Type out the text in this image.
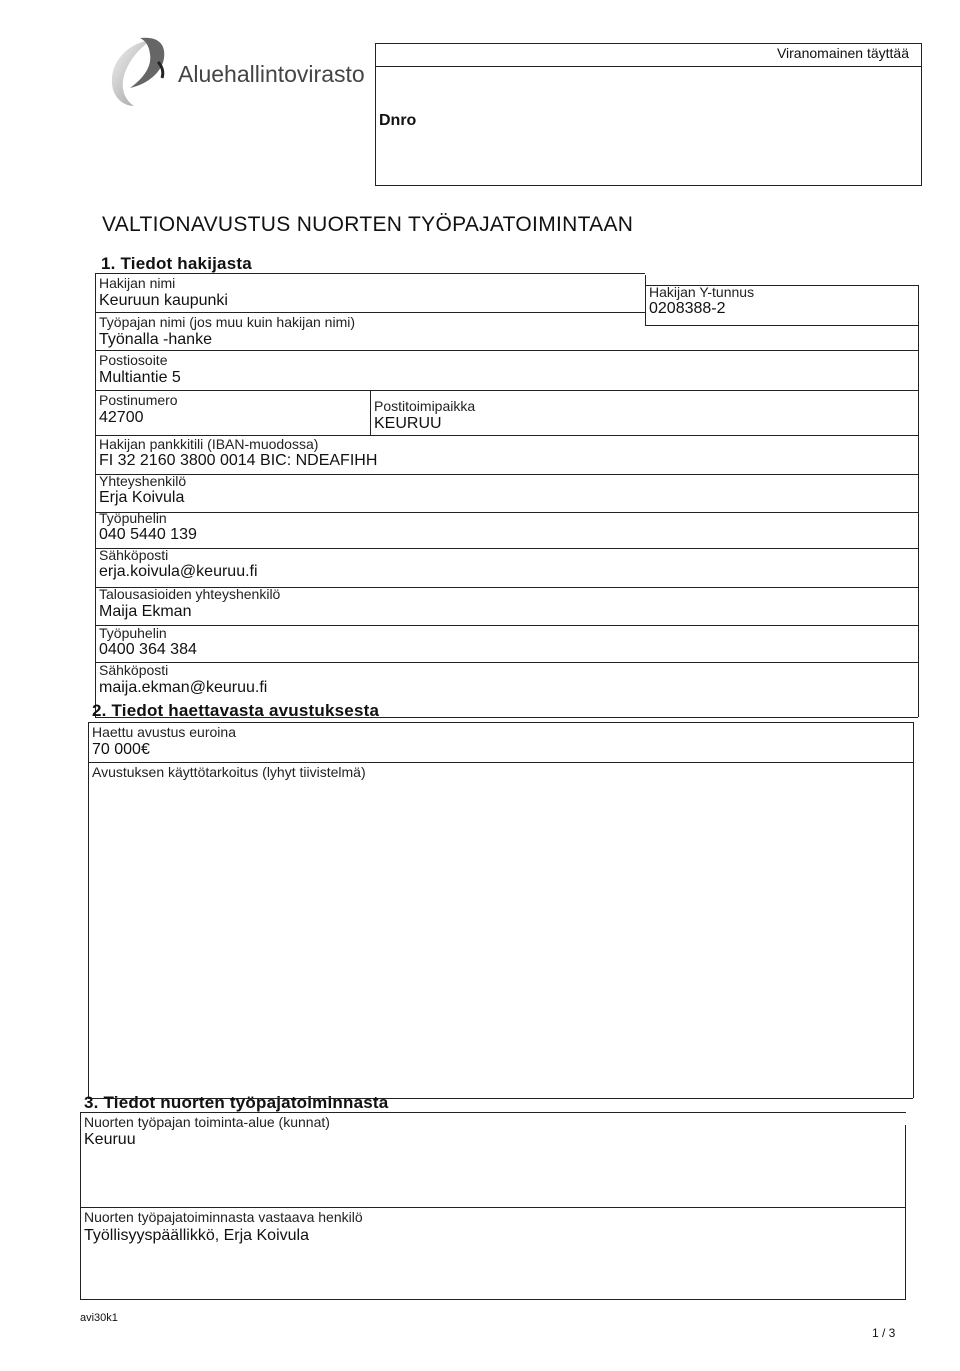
Aluehallintovirasto
Viranomainen täyttää
Dnro
VALTIONAVUSTUS NUORTEN TYÖPAJATOIMINTAAN
1. Tiedot hakijasta
Hakijan nimi
Keuruun kaupunki	Hakijan Y-tunnus
0208388-2
Työpajan nimi (jos muu kuin hakijan nimi)
Työnalla -hanke
Postiosoite
Multiantie 5
Postinumero
42700
Postitoimipaikka
KEURUU
Hakijan pankkitili (IBAN-muodossa)
FI 32 2160 3800 0014 BIC: NDEAFIHH
Yhteyshenkilö
Erja Koivula
Työpuhelin
040 5440 139
Sähköposti
erja.koivula@keuruu.fi
Talousasioiden yhteyshenkilö
Maija Ekman
Työpuhelin
0400 364 384
Sähköposti
maija.ekman@keuruu.fi
2. Tiedot haettavasta avustuksesta
Haettu avustus euroina
70 000€
Avustuksen käyttötarkoitus (lyhyt tiivistelmä)
3. Tiedot nuorten työpajatoiminnasta
Nuorten työpajan toiminta-alue (kunnat)
Keuruu
Nuorten työpajatoiminnasta vastaava henkilö
Työllisyyspäällikkö, Erja Koivula
avi30k1
1 / 3
